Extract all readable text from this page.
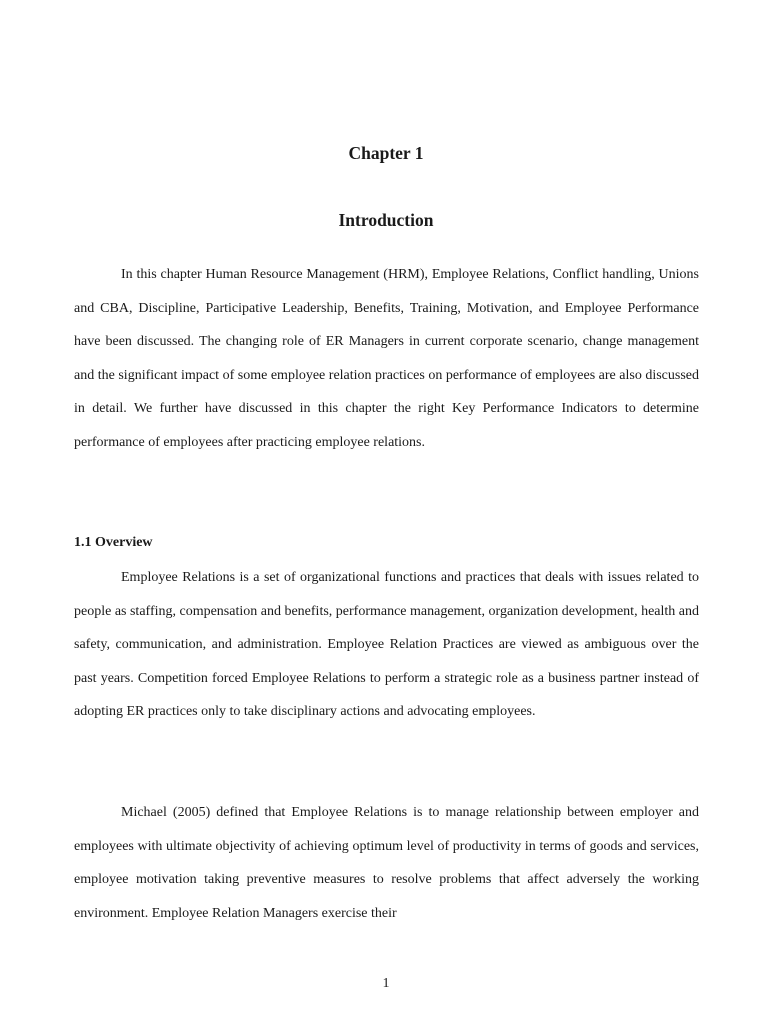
Chapter 1
Introduction

In this chapter Human Resource Management (HRM), Employee Relations, Conflict handling, Unions and CBA, Discipline, Participative Leadership, Benefits, Training, Motivation, and Employee Performance have been discussed. The changing role of ER Managers in current corporate scenario, change management and the significant impact of some employee relation practices on performance of employees are also discussed in detail. We further have discussed in this chapter the right Key Performance Indicators to determine performance of employees after practicing employee relations.

1.1 Overview

Employee Relations is a set of organizational functions and practices that deals with issues related to people as staffing, compensation and benefits, performance management, organization development, health and safety, communication, and administration. Employee Relation Practices are viewed as ambiguous over the past years. Competition forced Employee Relations to perform a strategic role as a business partner instead of adopting ER practices only to take disciplinary actions and advocating employees.

Michael (2005) defined that Employee Relations is to manage relationship between employer and employees with ultimate objectivity of achieving optimum level of productivity in terms of goods and services, employee motivation taking preventive measures to resolve problems that affect adversely the working environment. Employee Relation Managers exercise their

1
